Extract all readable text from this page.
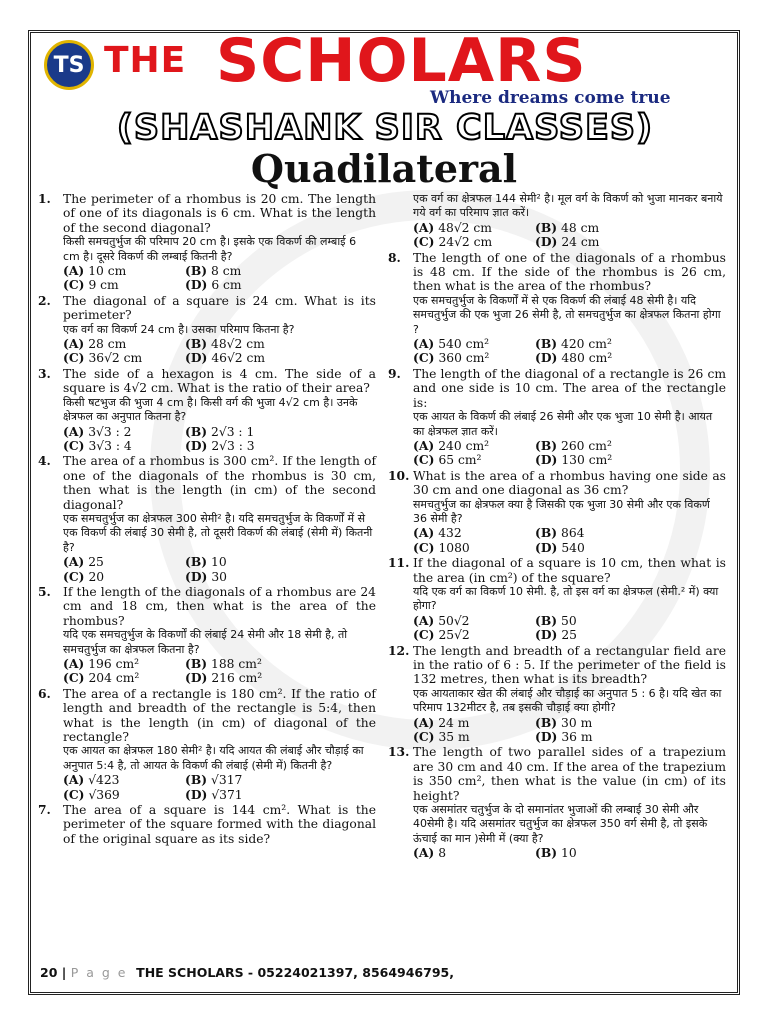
TS THE SCHOLARS
Where dreams come true
(SHASHANK SIR CLASSES)
Quadilateral
1. The perimeter of a rhombus is 20 cm. The length of one of its diagonals is 6 cm. What is the length of the second diagonal?
किसी समचतुर्भुज की परिमाप 20 cm है। इसके एक विकर्ण की लम्बाई 6 cm है। दूसरे विकर्ण की लम्बाई कितनी है?
(A) 10 cm	(B) 8 cm
(C) 9 cm	(D) 6 cm
2. The diagonal of a square is 24 cm. What is its perimeter?
एक वर्ग का विकर्ण 24 cm है। उसका परिमाप कितना है?
(A) 28 cm	(B) 48√2 cm
(C) 36√2 cm	(D) 46√2 cm
3. The side of a hexagon is 4 cm. The side of a square is 4√2 cm. What is the ratio of their area?
किसी षटभुज की भुजा 4 cm है। किसी वर्ग की भुजा 4√2 cm है। उनके क्षेत्रफल का अनुपात कितना है?
(A) 3√3 : 2	(B) 2√3 : 1
(C) 3√3 : 4	(D) 2√3 : 3
4. The area of a rhombus is 300 cm². If the length of one of the diagonals of the rhombus is 30 cm, then what is the length (in cm) of the second diagonal?
एक समचतुर्भुज का क्षेत्रफल 300 सेमी² है। यदि समचतुर्भुज के विकर्णों में से एक विकर्ण की लंबाई 30 सेमी है, तो दूसरी विकर्ण की लंबाई (सेमी में) कितनी है?
(A) 25	(B) 10
(C) 20	(D) 30
5. If the length of the diagonals of a rhombus are 24 cm and 18 cm, then what is the area of the rhombus?
यदि एक समचतुर्भुज के विकर्णों की लंबाई 24 सेमी और 18 सेमी है, तो समचतुर्भुज का क्षेत्रफल कितना है?
(A) 196 cm²	(B) 188 cm²
(C) 204 cm²	(D) 216 cm²
6. The area of a rectangle is 180 cm². If the ratio of length and breadth of the rectangle is 5:4, then what is the length (in cm) of diagonal of the rectangle?
एक आयत का क्षेत्रफल 180 सेमी² है। यदि आयत की लंबाई और चौड़ाई का अनुपात 5:4 है, तो आयत के विकर्ण की लंबाई (सेमी में) कितनी है?
(A) √423	(B) √317
(C) √369	(D) √371
7. The area of a square is 144 cm². What is the perimeter of the square formed with the diagonal of the original square as its side?
एक वर्ग का क्षेत्रफल 144 सेमी² है। मूल वर्ग के विकर्ण को भुजा मानकर बनाये गये वर्ग का परिमाप ज्ञात करें।
(A) 48√2 cm	(B) 48 cm
(C) 24√2 cm	(D) 24 cm
8. The length of one of the diagonals of a rhombus is 48 cm. If the side of the rhombus is 26 cm, then what is the area of the rhombus?
एक समचतुर्भुज के विकर्णों में से एक विकर्ण की लंबाई 48 सेमी है। यदि समचतुर्भुज की एक भुजा 26 सेमी है, तो समचतुर्भुज का क्षेत्रफल कितना होगा ?
(A) 540 cm²	(B) 420 cm²
(C) 360 cm²	(D) 480 cm²
9. The length of the diagonal of a rectangle is 26 cm and one side is 10 cm. The area of the rectangle is:
एक आयत के विकर्ण की लंबाई 26 सेमी और एक भुजा 10 सेमी है। आयत का क्षेत्रफल ज्ञात करें।
(A) 240 cm²	(B) 260 cm²
(C) 65 cm²	(D) 130 cm²
10. What is the area of a rhombus having one side as 30 cm and one diagonal as 36 cm?
समचतुर्भुज का क्षेत्रफल क्या है जिसकी एक भुजा 30 सेमी और एक विकर्ण 36 सेमी है?
(A) 432	(B) 864
(C) 1080	(D) 540
11. If the diagonal of a square is 10 cm, then what is the area (in cm²) of the square?
यदि एक वर्ग का विकर्ण 10 सेमी. है, तो इस वर्ग का क्षेत्रफल (सेमी.² में) क्या होगा?
(A) 50√2	(B) 50
(C) 25√2	(D) 25
12. The length and breadth of a rectangular field are in the ratio of 6 : 5. If the perimeter of the field is 132 metres, then what is its breadth?
एक आयताकार खेत की लंबाई और चौड़ाई का अनुपात 5 : 6 है। यदि खेत का परिमाप 132मीटर है, तब इसकी चौड़ाई क्या होगी?
(A) 24 m	(B) 30 m
(C) 35 m	(D) 36 m
13. The length of two parallel sides of a trapezium are 30 cm and 40 cm. If the area of the trapezium is 350 cm², then what is the value (in cm) of its height?
एक असमांतर चतुर्भुज के दो समानांतर भुजाओं की लम्बाई 30 सेमी और 40सेमी है। यदि असमांतर चतुर्भुज का क्षेत्रफल 350 वर्ग सेमी है, तो इसके ऊंचाई का मान )सेमी में (क्या है?
(A) 8	(B) 10
20 | P a g e THE SCHOLARS - 05224021397, 8564946795,
